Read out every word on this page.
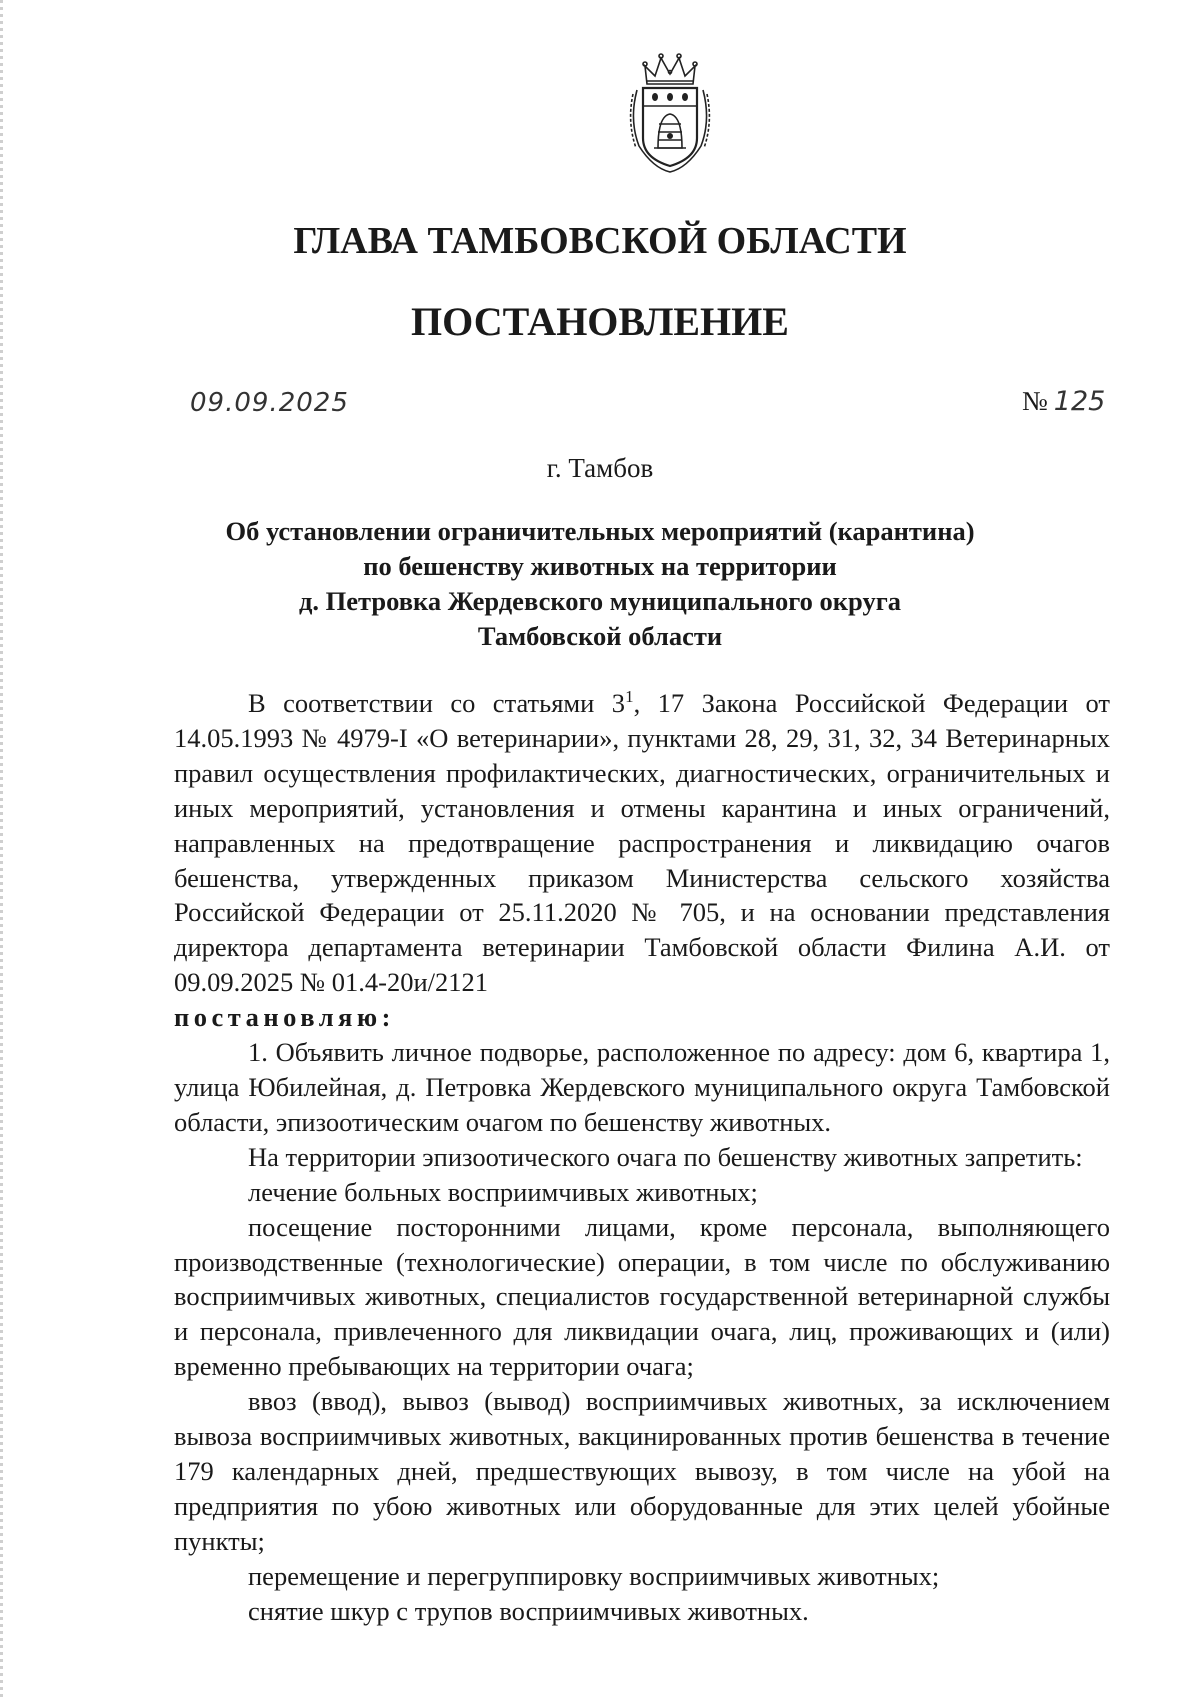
ГЛАВА ТАМБОВСКОЙ ОБЛАСТИ
ПОСТАНОВЛЕНИЕ
09.09.2025	№ 125
г. Тамбов
Об установлении ограничительных мероприятий (карантина)
по бешенству животных на территории
д. Петровка Жердевского муниципального округа
Тамбовской области

В соответствии со статьями $3^1$, 17 Закона Российской Федерации от 14.05.1993 № 4979-I «О ветеринарии», пунктами 28, 29, 31, 32, 34 Ветеринарных правил осуществления профилактических, диагностических, ограничительных и иных мероприятий, установления и отмены карантина и иных ограничений, направленных на предотвращение распространения и ликвидацию очагов бешенства, утвержденных приказом Министерства сельского хозяйства Российской Федерации от 25.11.2020 № 705, и на основании представления директора департамента ветеринарии Тамбовской области Филина А.И. от 09.09.2025 № 01.4-20и/2121

постановляю:

1. Объявить личное подворье, расположенное по адресу: дом 6, квартира 1, улица Юбилейная, д. Петровка Жердевского муниципального округа Тамбовской области, эпизоотическим очагом по бешенству животных.

На территории эпизоотического очага по бешенству животных запретить:

лечение больных восприимчивых животных;

посещение посторонними лицами, кроме персонала, выполняющего производственные (технологические) операции, в том числе по обслуживанию восприимчивых животных, специалистов государственной ветеринарной службы и персонала, привлеченного для ликвидации очага, лиц, проживающих и (или) временно пребывающих на территории очага;

ввоз (ввод), вывоз (вывод) восприимчивых животных, за исключением вывоза восприимчивых животных, вакцинированных против бешенства в течение 179 календарных дней, предшествующих вывозу, в том числе на убой на предприятия по убою животных или оборудованные для этих целей убойные пункты;

перемещение и перегруппировку восприимчивых животных;

снятие шкур с трупов восприимчивых животных.
